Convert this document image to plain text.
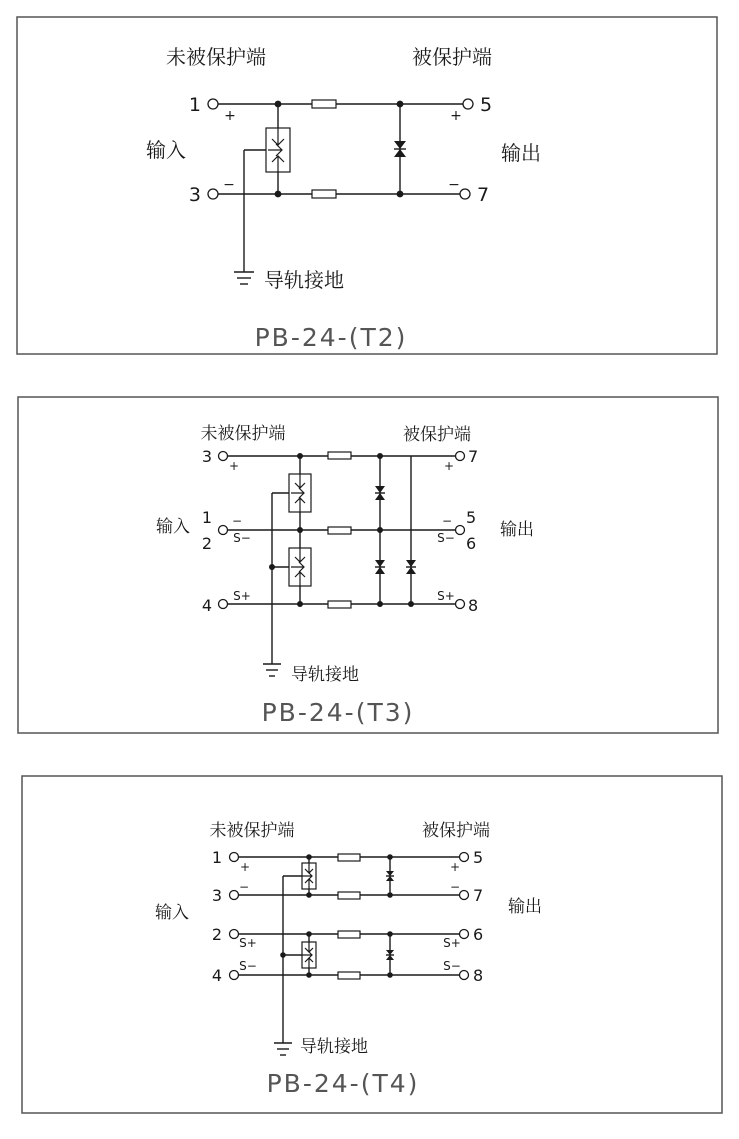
未被保护端	被保护端
输入	输出
导轨接地
1 +
3 −
5
+
7
−
PB-24-(T2)
未被保护端	被保护端
输入	输出
导轨接地
3 +
1 −
2 S−
4 S+
7
+
5
−
6
S−
8
S+
PB-24-(T3)
未被保护端	被保护端
输入	输出
导轨接地
1 +
3 −
2 S+
4 S−
5
+
7
−
6
S+
8
S−
PB-24-(T4)
